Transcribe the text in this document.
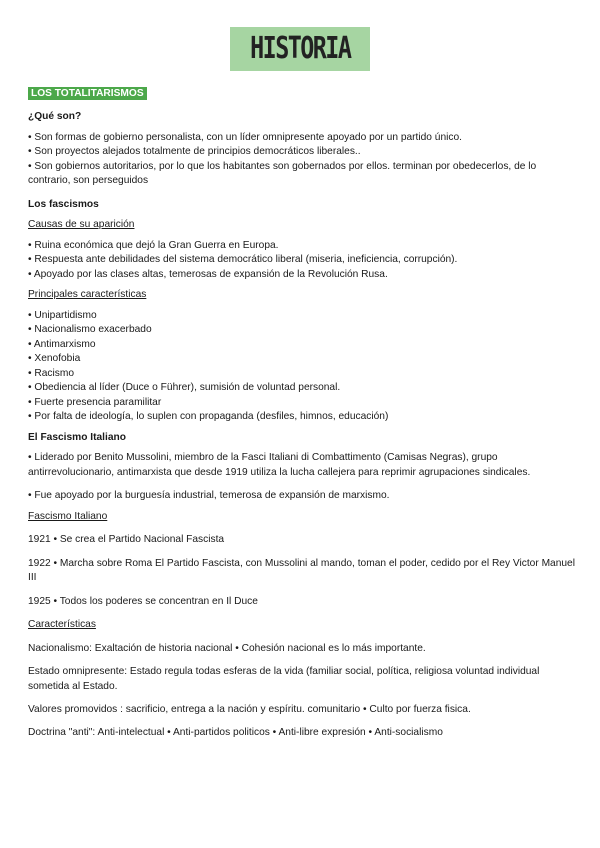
HISTORIA
LOS TOTALITARISMOS

¿Qué son?

• Son formas de gobierno personalista, con un líder omnipresente apoyado por un partido único.

• Son proyectos alejados totalmente de principios democráticos liberales..

• Son gobiernos autoritarios, por lo que los habitantes son gobernados por ellos. terminan por obedecerlos, de lo contrario, son perseguidos

Los fascismos

Causas de su aparición

• Ruina económica que dejó la Gran Guerra en Europa.

• Respuesta ante debilidades del sistema democrático liberal (miseria, ineficiencia, corrupción).

• Apoyado por las clases altas, temerosas de expansión de la Revolución Rusa.

Principales características

• Unipartidismo

• Nacionalismo exacerbado

• Antimarxismo

• Xenofobia

• Racismo

• Obediencia al líder (Duce o Führer), sumisión de voluntad personal.

• Fuerte presencia paramilitar

• Por falta de ideología, lo suplen con propaganda (desfiles, himnos, educación)

El Fascismo Italiano

• Liderado por Benito Mussolini, miembro de la Fasci Italiani di Combattimento (Camisas Negras), grupo antirrevolucionario, antimarxista que desde 1919 utiliza la lucha callejera para reprimir agrupaciones sindicales.

• Fue apoyado por la burguesía industrial, temerosa de expansión de marxismo.

Fascismo Italiano

1921 • Se crea el Partido Nacional Fascista

1922 • Marcha sobre Roma El Partido Fascista, con Mussolini al mando, toman el poder, cedido por el Rey Victor Manuel III

1925 • Todos los poderes se concentran en Il Duce

Características

Nacionalismo: Exaltación de historia nacional • Cohesión nacional es lo más importante.

Estado omnipresente: Estado regula todas esferas de la vida (familiar social, política, religiosa voluntad individual sometida al Estado.

Valores promovidos : sacrificio, entrega a la nación y espíritu. comunitario • Culto por fuerza fisica.

Doctrina "anti": Anti-intelectual • Anti-partidos politicos • Anti-libre expresión • Anti-socialismo
